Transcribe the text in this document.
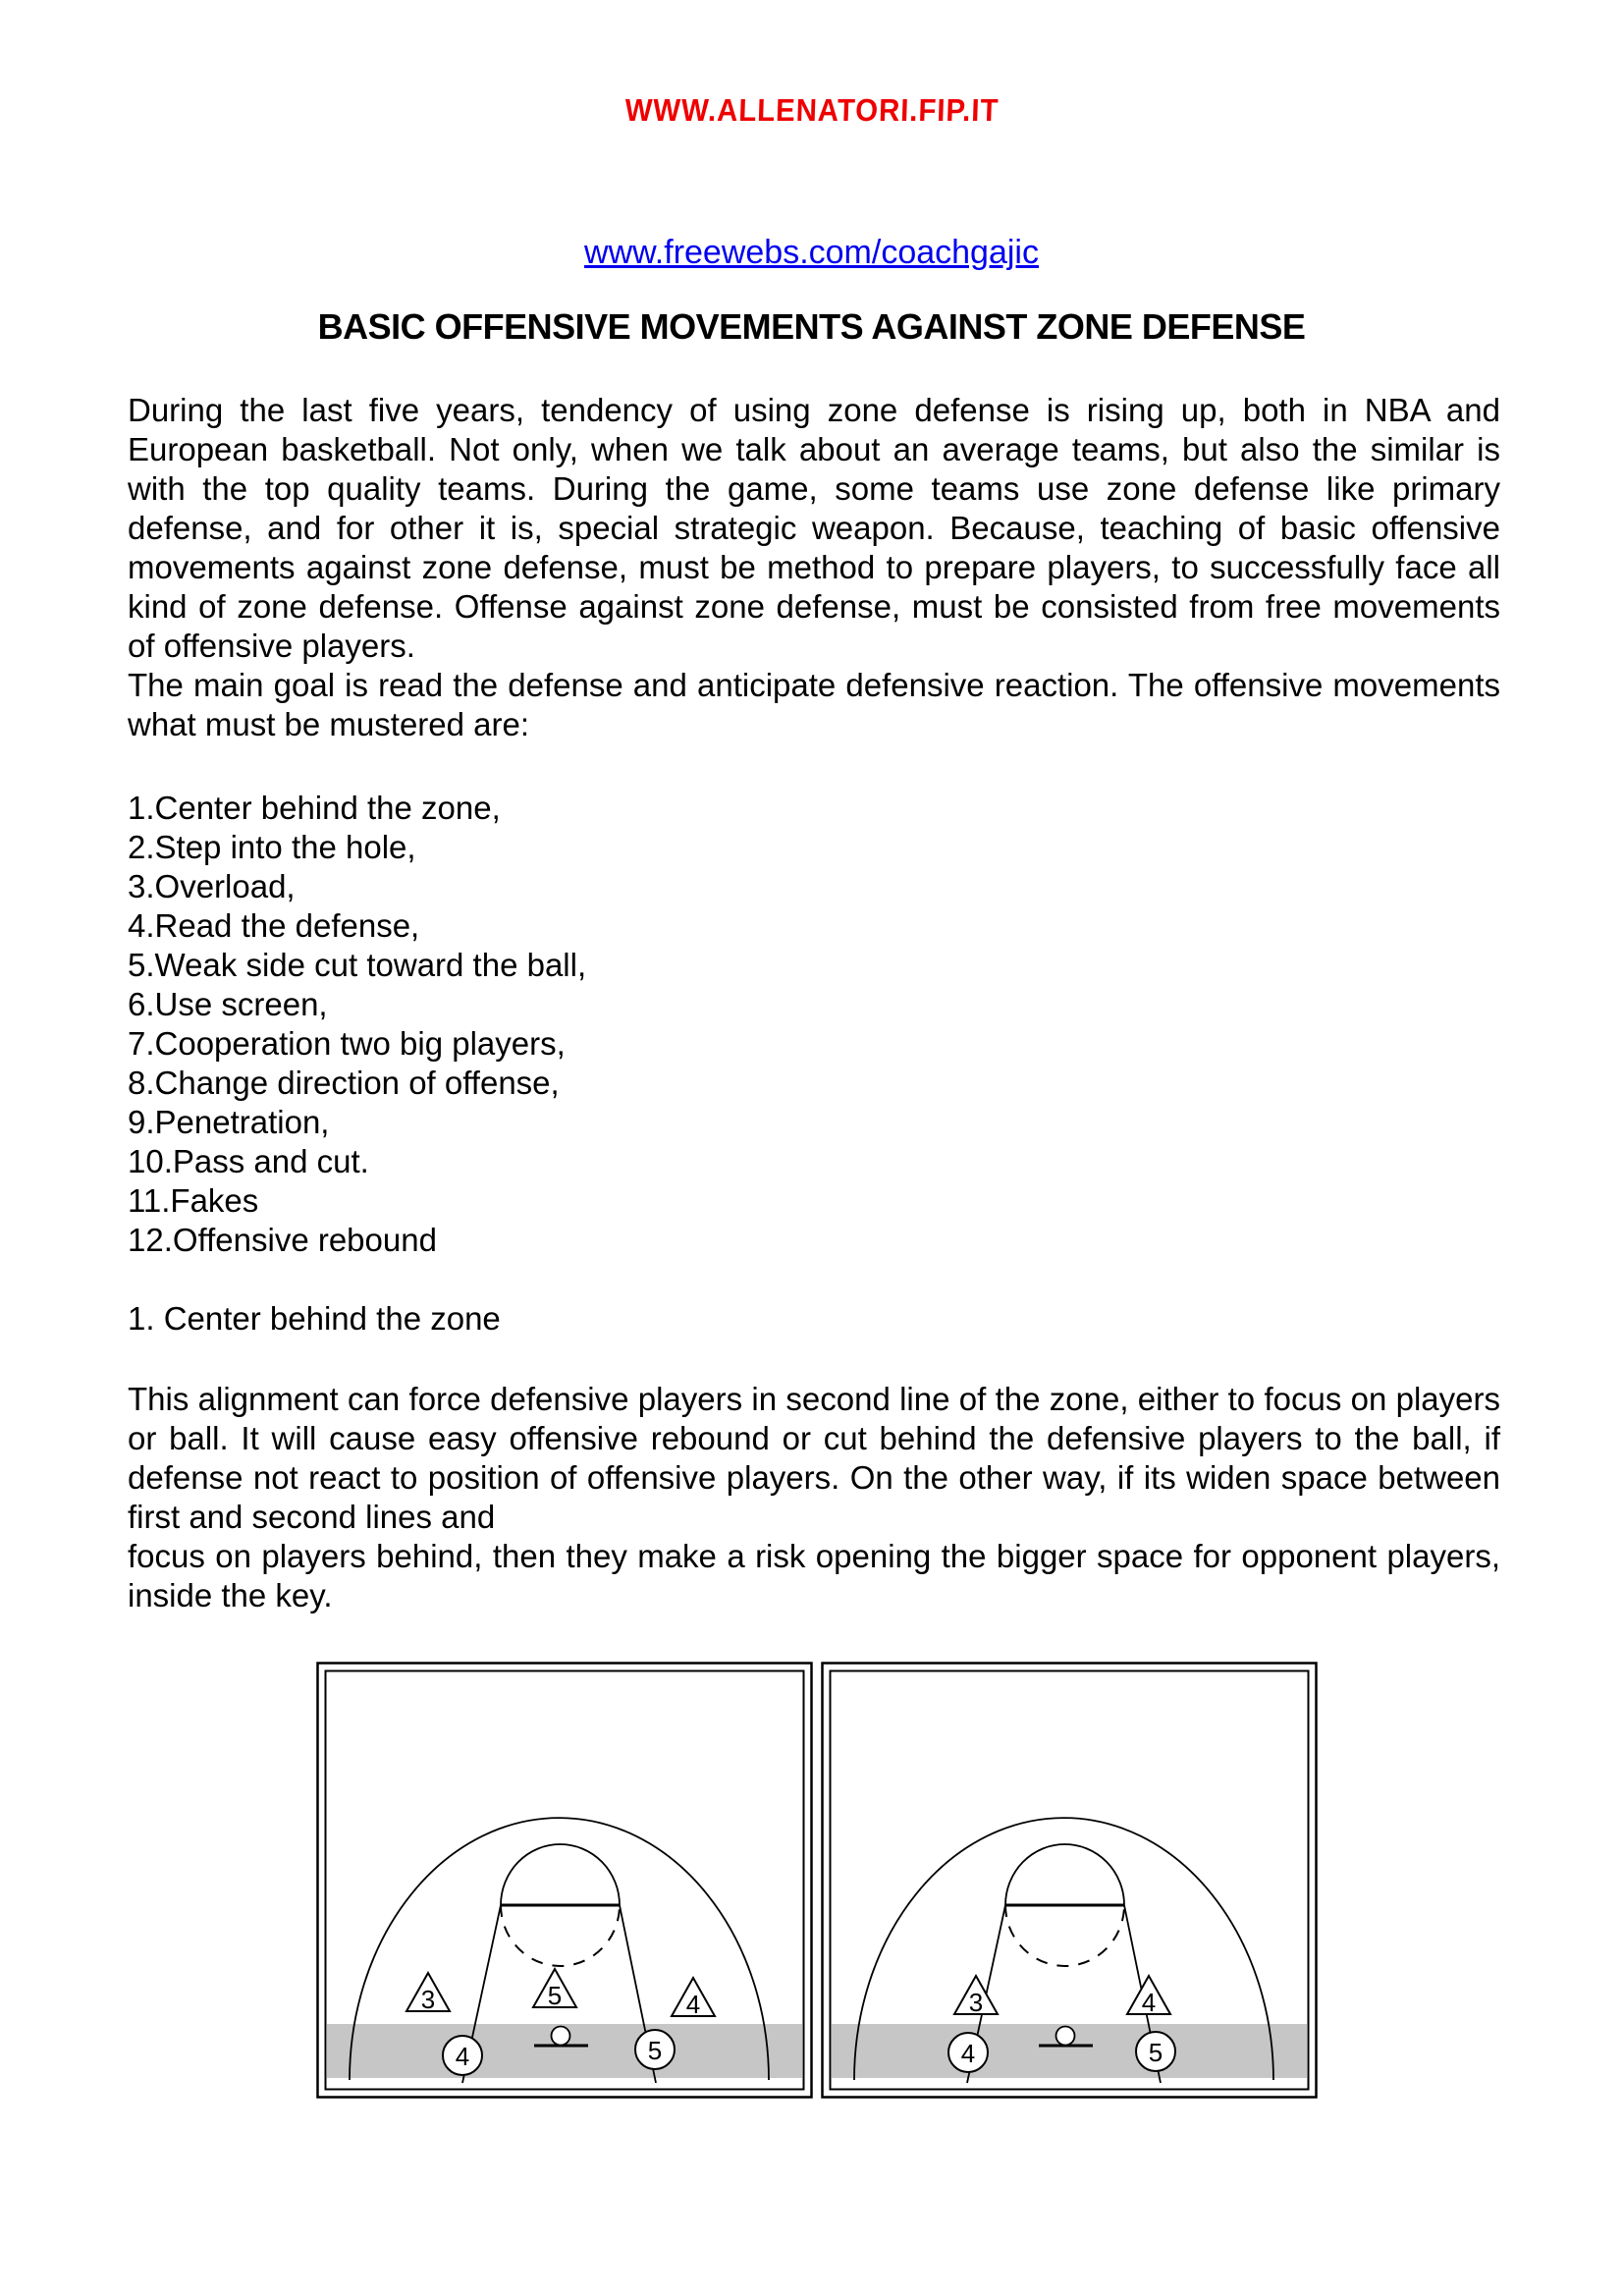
WWW.ALLENATORI.FIP.IT
www.freewebs.com/coachgajic
BASIC OFFENSIVE MOVEMENTS AGAINST ZONE DEFENSE

During the last five years, tendency of using zone defense is rising up, both in NBA and European basketball. Not only, when we talk about an average teams, but also the similar is with the top quality teams. During the game, some teams use zone defense like primary defense, and for other it is, special strategic weapon. Because, teaching of basic offensive movements against zone defense, must be method to prepare players, to successfully face all kind of zone defense. Offense against zone defense, must be consisted from free movements of offensive players.

The main goal is read the defense and anticipate defensive reaction. The offensive movements what must be mustered are:

1.Center behind the zone,
2.Step into the hole,
3.Overload,
4.Read the defense,
5.Weak side cut toward the ball,
6.Use screen,
7.Cooperation two big players,
8.Change direction of offense,
9.Penetration,
10.Pass and cut.
11.Fakes
12.Offensive rebound
1. Center behind the zone

This alignment can force defensive players in second line of the zone, either to focus on players or ball. It will cause easy offensive rebound or cut behind the defensive players to the ball, if defense not react to position of offensive players. On the other way, if its widen space between first and second lines and

focus on players behind, then they make a risk opening the bigger space for opponent players, inside the key.

3	5	4
4	5
3	4
4	5
